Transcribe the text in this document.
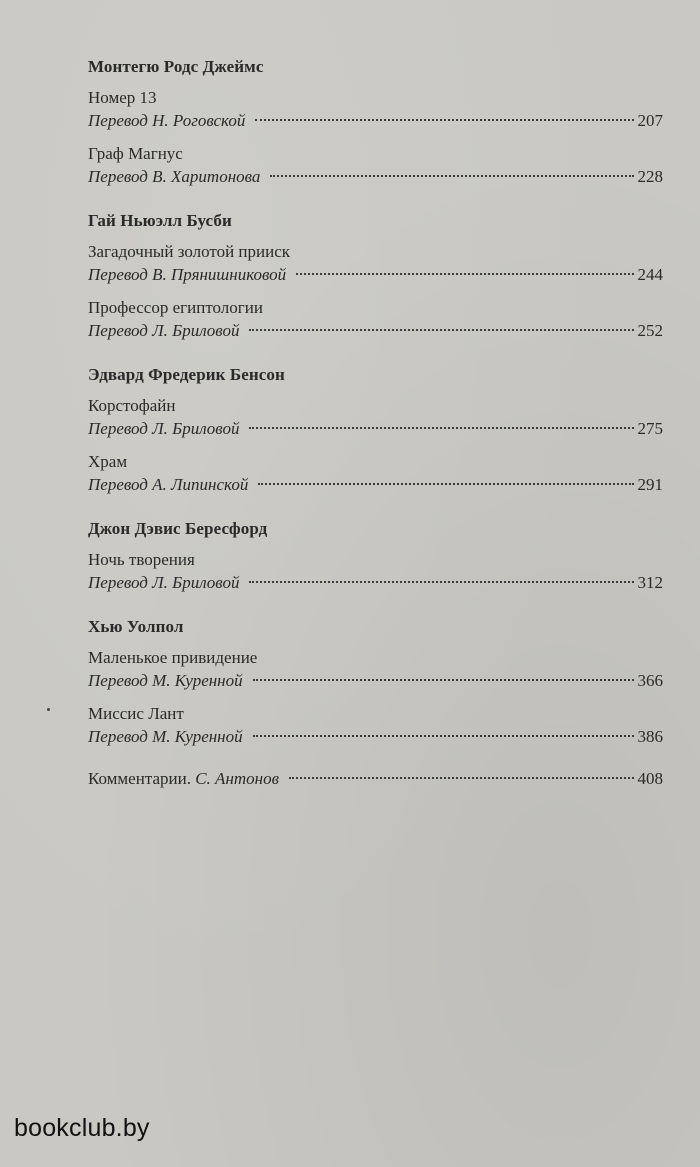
Монтегю Родс Джеймс
Номер 13
Перевод Н. Роговской	207
Граф Магнус
Перевод В. Харитонова	228
Гай Ньюэлл Бусби
Загадочный золотой прииск
Перевод В. Прянишниковой	244
Профессор египтологии
Перевод Л. Бриловой	252
Эдвард Фредерик Бенсон
Корстофайн
Перевод Л. Бриловой	275
Храм
Перевод А. Липинской	291
Джон Дэвис Бересфорд
Ночь творения
Перевод Л. Бриловой	312
Хью Уолпол
Маленькое привидение
Перевод М. Куренной	366
Миссис Лант
Перевод М. Куренной	386
Комментарии. С. Антонов	408
bookclub.by
